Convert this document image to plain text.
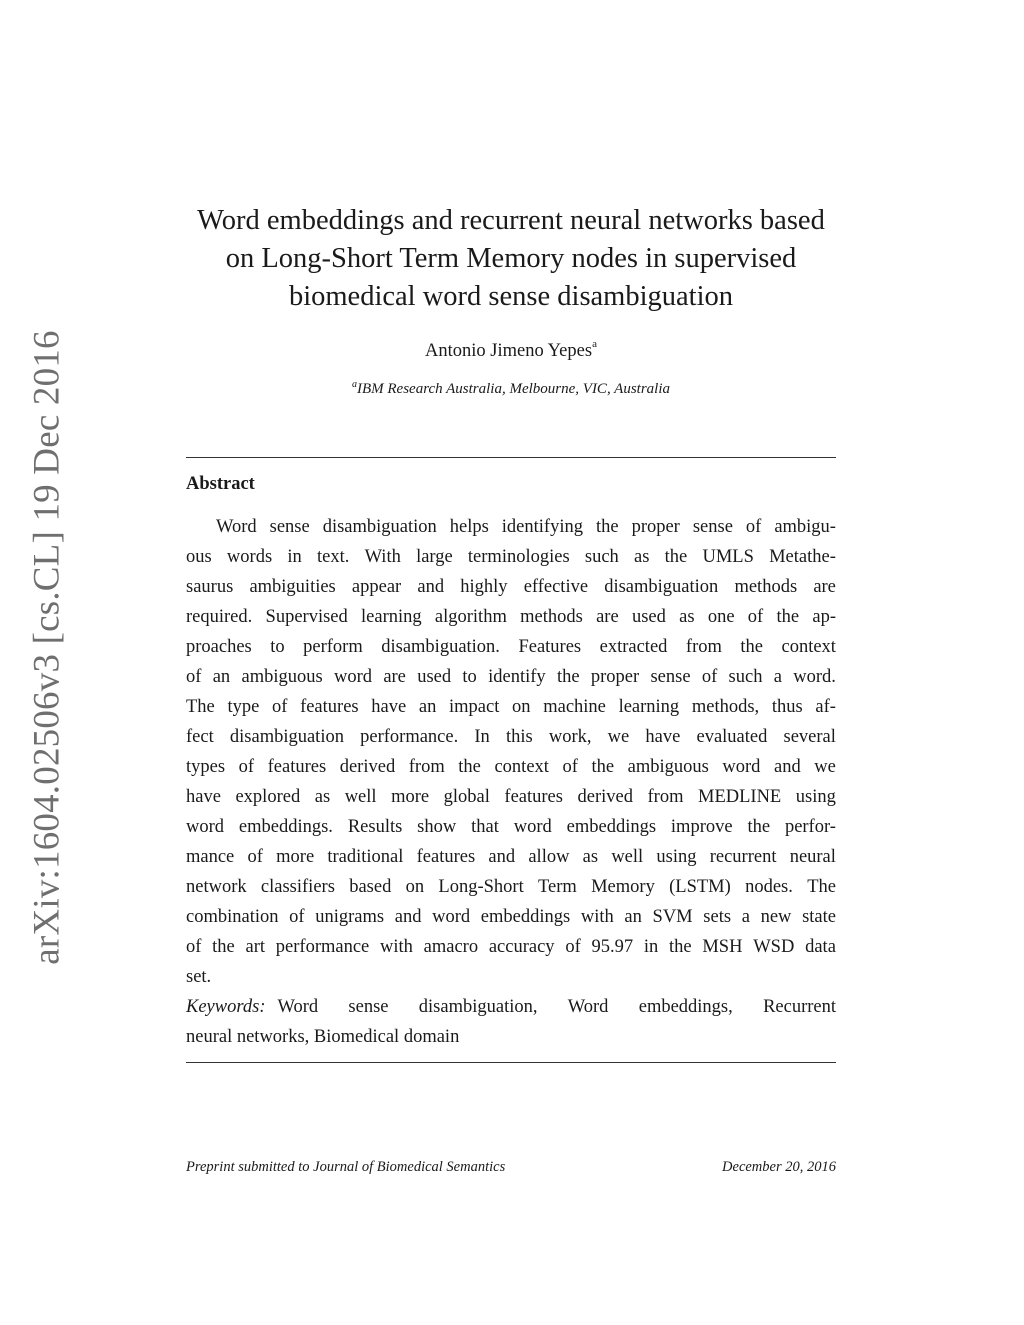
arXiv:1604.02506v3 [cs.CL] 19 Dec 2016
Word embeddings and recurrent neural networks based
on Long-Short Term Memory nodes in supervised
biomedical word sense disambiguation
Antonio Jimeno Yepes$^a$
$^a$IBM Research Australia, Melbourne, VIC, Australia
Abstract
Word sense disambiguation helps identifying the proper sense of ambigu-
ous words in text. With large terminologies such as the UMLS Metathe-
saurus ambiguities appear and highly effective disambiguation methods are
required. Supervised learning algorithm methods are used as one of the ap-
proaches to perform disambiguation. Features extracted from the context
of an ambiguous word are used to identify the proper sense of such a word.
The type of features have an impact on machine learning methods, thus af-
fect disambiguation performance. In this work, we have evaluated several
types of features derived from the context of the ambiguous word and we
have explored as well more global features derived from MEDLINE using
word embeddings. Results show that word embeddings improve the perfor-
mance of more traditional features and allow as well using recurrent neural
network classifiers based on Long-Short Term Memory (LSTM) nodes. The
combination of unigrams and word embeddings with an SVM sets a new state
of the art performance with amacro accuracy of 95.97 in the MSH WSD data
set.
Keywords: Word sense disambiguation, Word embeddings, Recurrent
neural networks, Biomedical domain
Preprint submitted to Journal of Biomedical Semantics	December 20, 2016
